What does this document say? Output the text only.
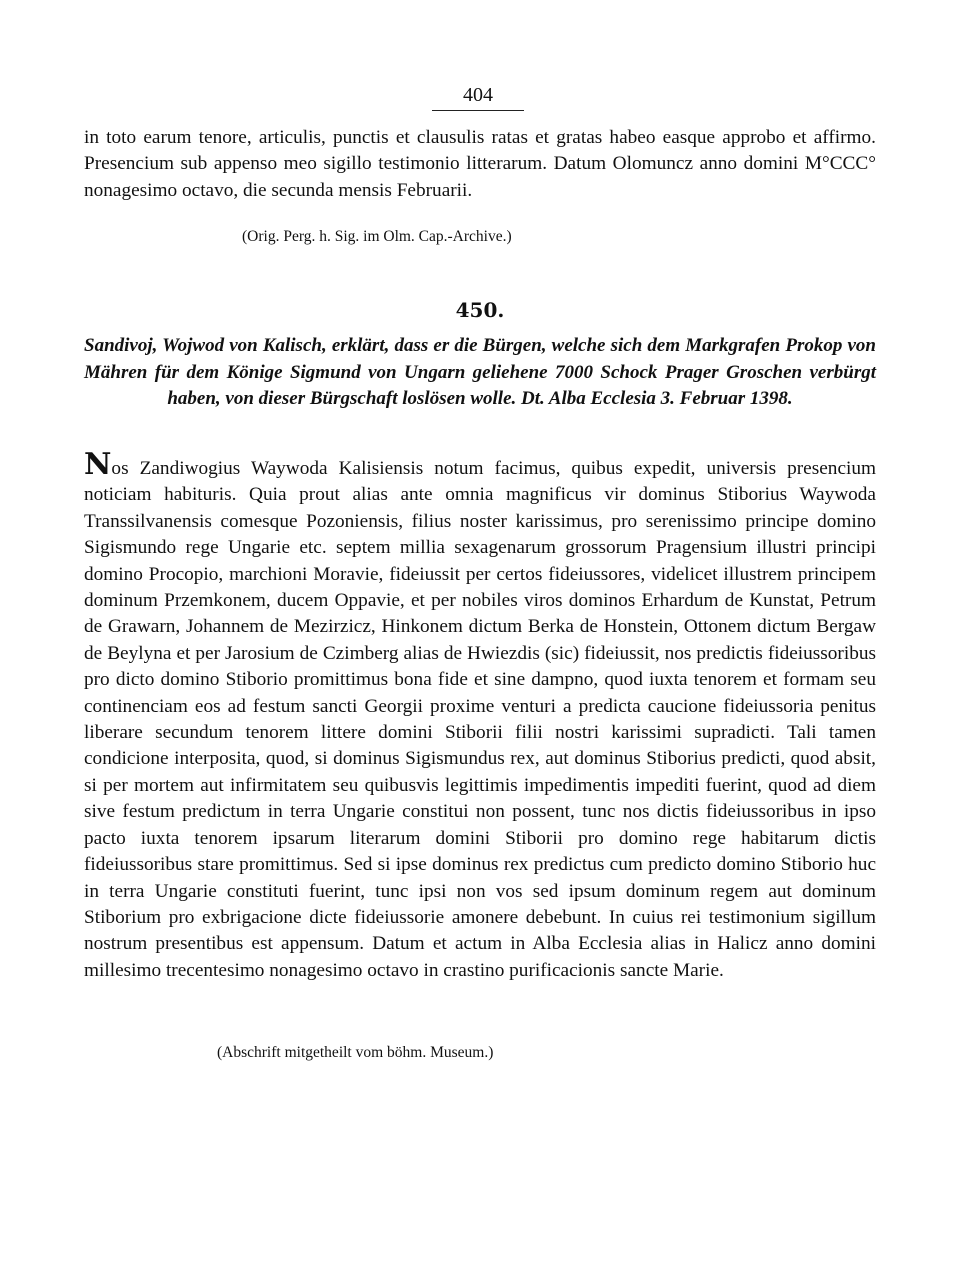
404

in toto earum tenore, articulis, punctis et clausulis ratas et gratas habeo easque approbo et affirmo. Presencium sub appenso meo sigillo testimonio litterarum. Datum Olomuncz anno domini M°CCC° nonagesimo octavo, die secunda mensis Februarii.

(Orig. Perg. h. Sig. im Olm. Cap.-Archive.)
450.
Sandivoj, Wojwod von Kalisch, erklärt, dass er die Bürgen, welche sich dem Markgrafen Prokop von Mähren für dem Könige Sigmund von Ungarn geliehene 7000 Schock Prager Groschen verbürgt haben, von dieser Bürgschaft loslösen wolle. Dt. Alba Ecclesia 3. Februar 1398.

Nos Zandiwogius Waywoda Kalisiensis notum facimus, quibus expedit, universis presencium noticiam habituris. Quia prout alias ante omnia magnificus vir dominus Stiborius Waywoda Transsilvanensis comesque Pozoniensis, filius noster karissimus, pro serenissimo principe domino Sigismundo rege Ungarie etc. septem millia sexagenarum grossorum Pragensium illustri principi domino Procopio, marchioni Moravie, fideiussit per certos fideiussores, videlicet illustrem principem dominum Przemkonem, ducem Oppavie, et per nobiles viros dominos Erhardum de Kunstat, Petrum de Grawarn, Johannem de Mezirzicz, Hinkonem dictum Berka de Honstein, Ottonem dictum Bergaw de Beylyna et per Jarosium de Czimberg alias de Hwiezdis (sic) fideiussit, nos predictis fideiussoribus pro dicto domino Stiborio promittimus bona fide et sine dampno, quod iuxta tenorem et formam seu continenciam eos ad festum sancti Georgii proxime venturi a predicta caucione fideiussoria penitus liberare secundum tenorem littere domini Stiborii filii nostri karissimi supradicti. Tali tamen condicione interposita, quod, si dominus Sigismundus rex, aut dominus Stiborius predicti, quod absit, si per mortem aut infirmitatem seu quibusvis legittimis impedimentis impediti fuerint, quod ad diem sive festum predictum in terra Ungarie constitui non possent, tunc nos dictis fideiussoribus in ipso pacto iuxta tenorem ipsarum literarum domini Stiborii pro domino rege habitarum dictis fideiussoribus stare promittimus. Sed si ipse dominus rex predictus cum predicto domino Stiborio huc in terra Ungarie constituti fuerint, tunc ipsi non vos sed ipsum dominum regem aut dominum Stiborium pro exbrigacione dicte fideiussorie amonere debebunt. In cuius rei testimonium sigillum nostrum presentibus est appensum. Datum et actum in Alba Ecclesia alias in Halicz anno domini millesimo trecentesimo nonagesimo octavo in crastino purificacionis sancte Marie.

(Abschrift mitgetheilt vom böhm. Museum.)
